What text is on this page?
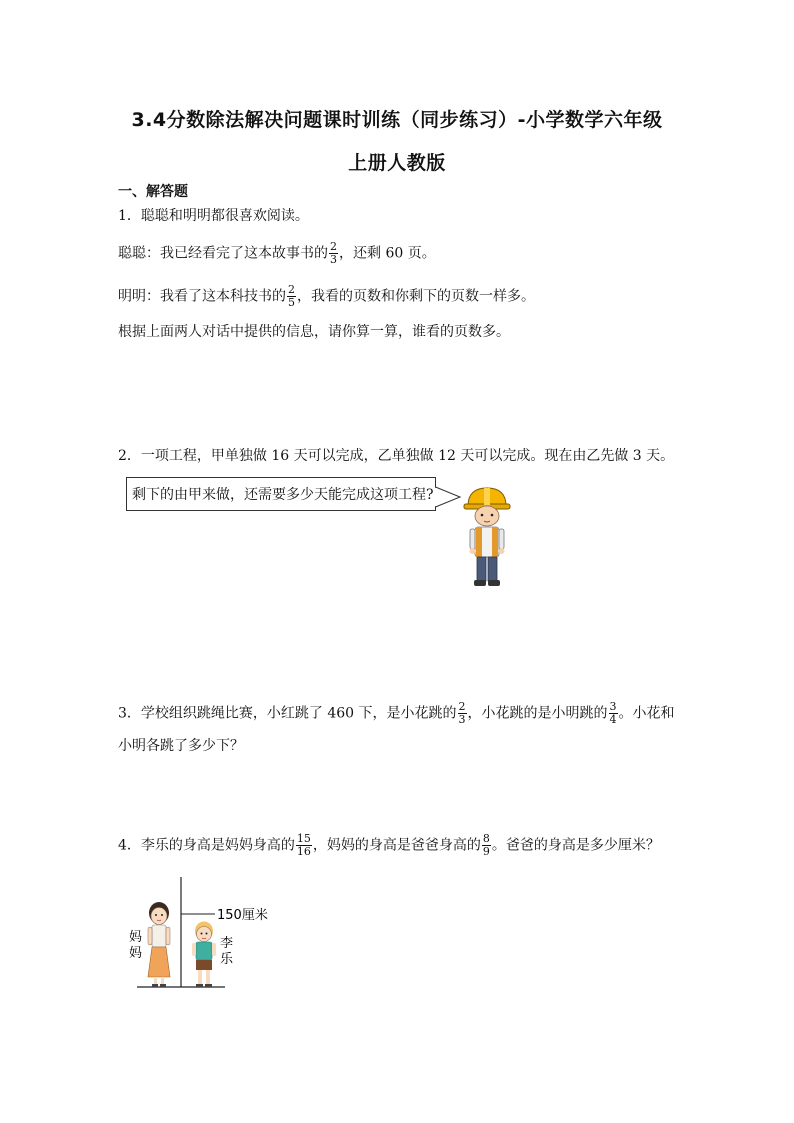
3.4分数除法解决问题课时训练（同步练习）-小学数学六年级
上册人教版
一、解答题
1．聪聪和明明都很喜欢阅读。
聪聪：我已经看完了这本故事书的 $\frac{2}{3}$ ，还剩 60 页。
明明：我看了这本科技书的 $\frac{2}{5}$ ，我看的页数和你剩下的页数一样多。
根据上面两人对话中提供的信息，请你算一算，谁看的页数多。
2．一项工程，甲单独做 16 天可以完成，乙单独做 12 天可以完成。现在由乙先做 3 天。
剩下的由甲来做，还需要多少天能完成这项工程?
3．学校组织跳绳比赛，小红跳了 460 下，是小花跳的 $\frac{2}{3}$ ，小花跳的是小明跳的 $\frac{3}{4}$ 。小花和
小明各跳了多少下？
4．李乐的身高是妈妈身高的 $\frac{15}{16}$ ，妈妈的身高是爸爸身高的 $\frac{8}{9}$ 。爸爸的身高是多少厘米？
150厘米
妈
妈
李
乐
